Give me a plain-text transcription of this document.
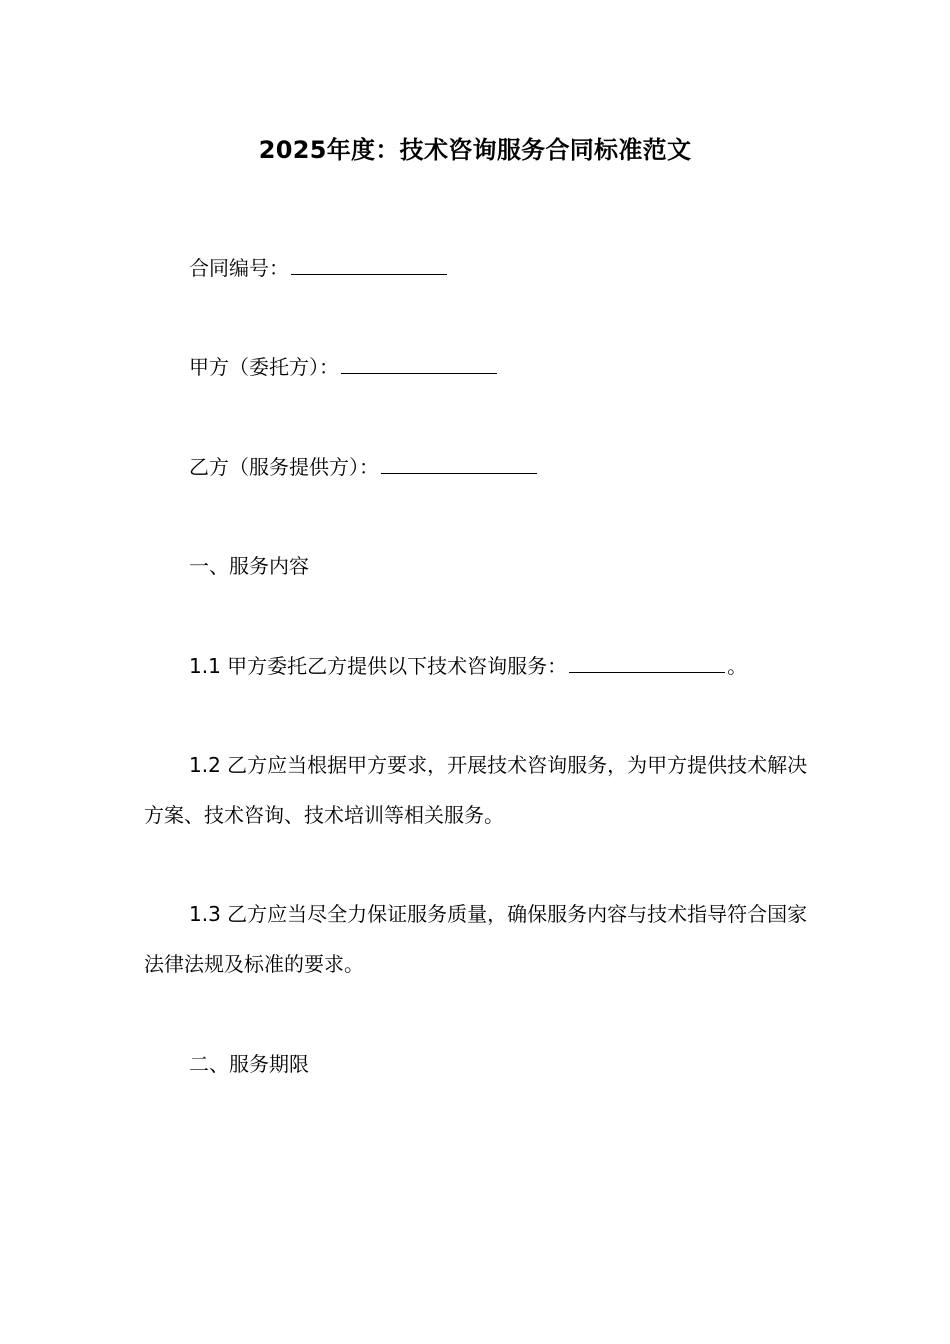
2025年度：技术咨询服务合同标准范文
合同编号：
甲方（委托方）：
乙方（服务提供方）：
一、服务内容
1.1 甲方委托乙方提供以下技术咨询服务：	。
1.2 乙方应当根据甲方要求，开展技术咨询服务，为甲方提供技术解决方案、技术咨询、技术培训等相关服务。
1.3 乙方应当尽全力保证服务质量，确保服务内容与技术指导符合国家法律法规及标准的要求。
二、服务期限
